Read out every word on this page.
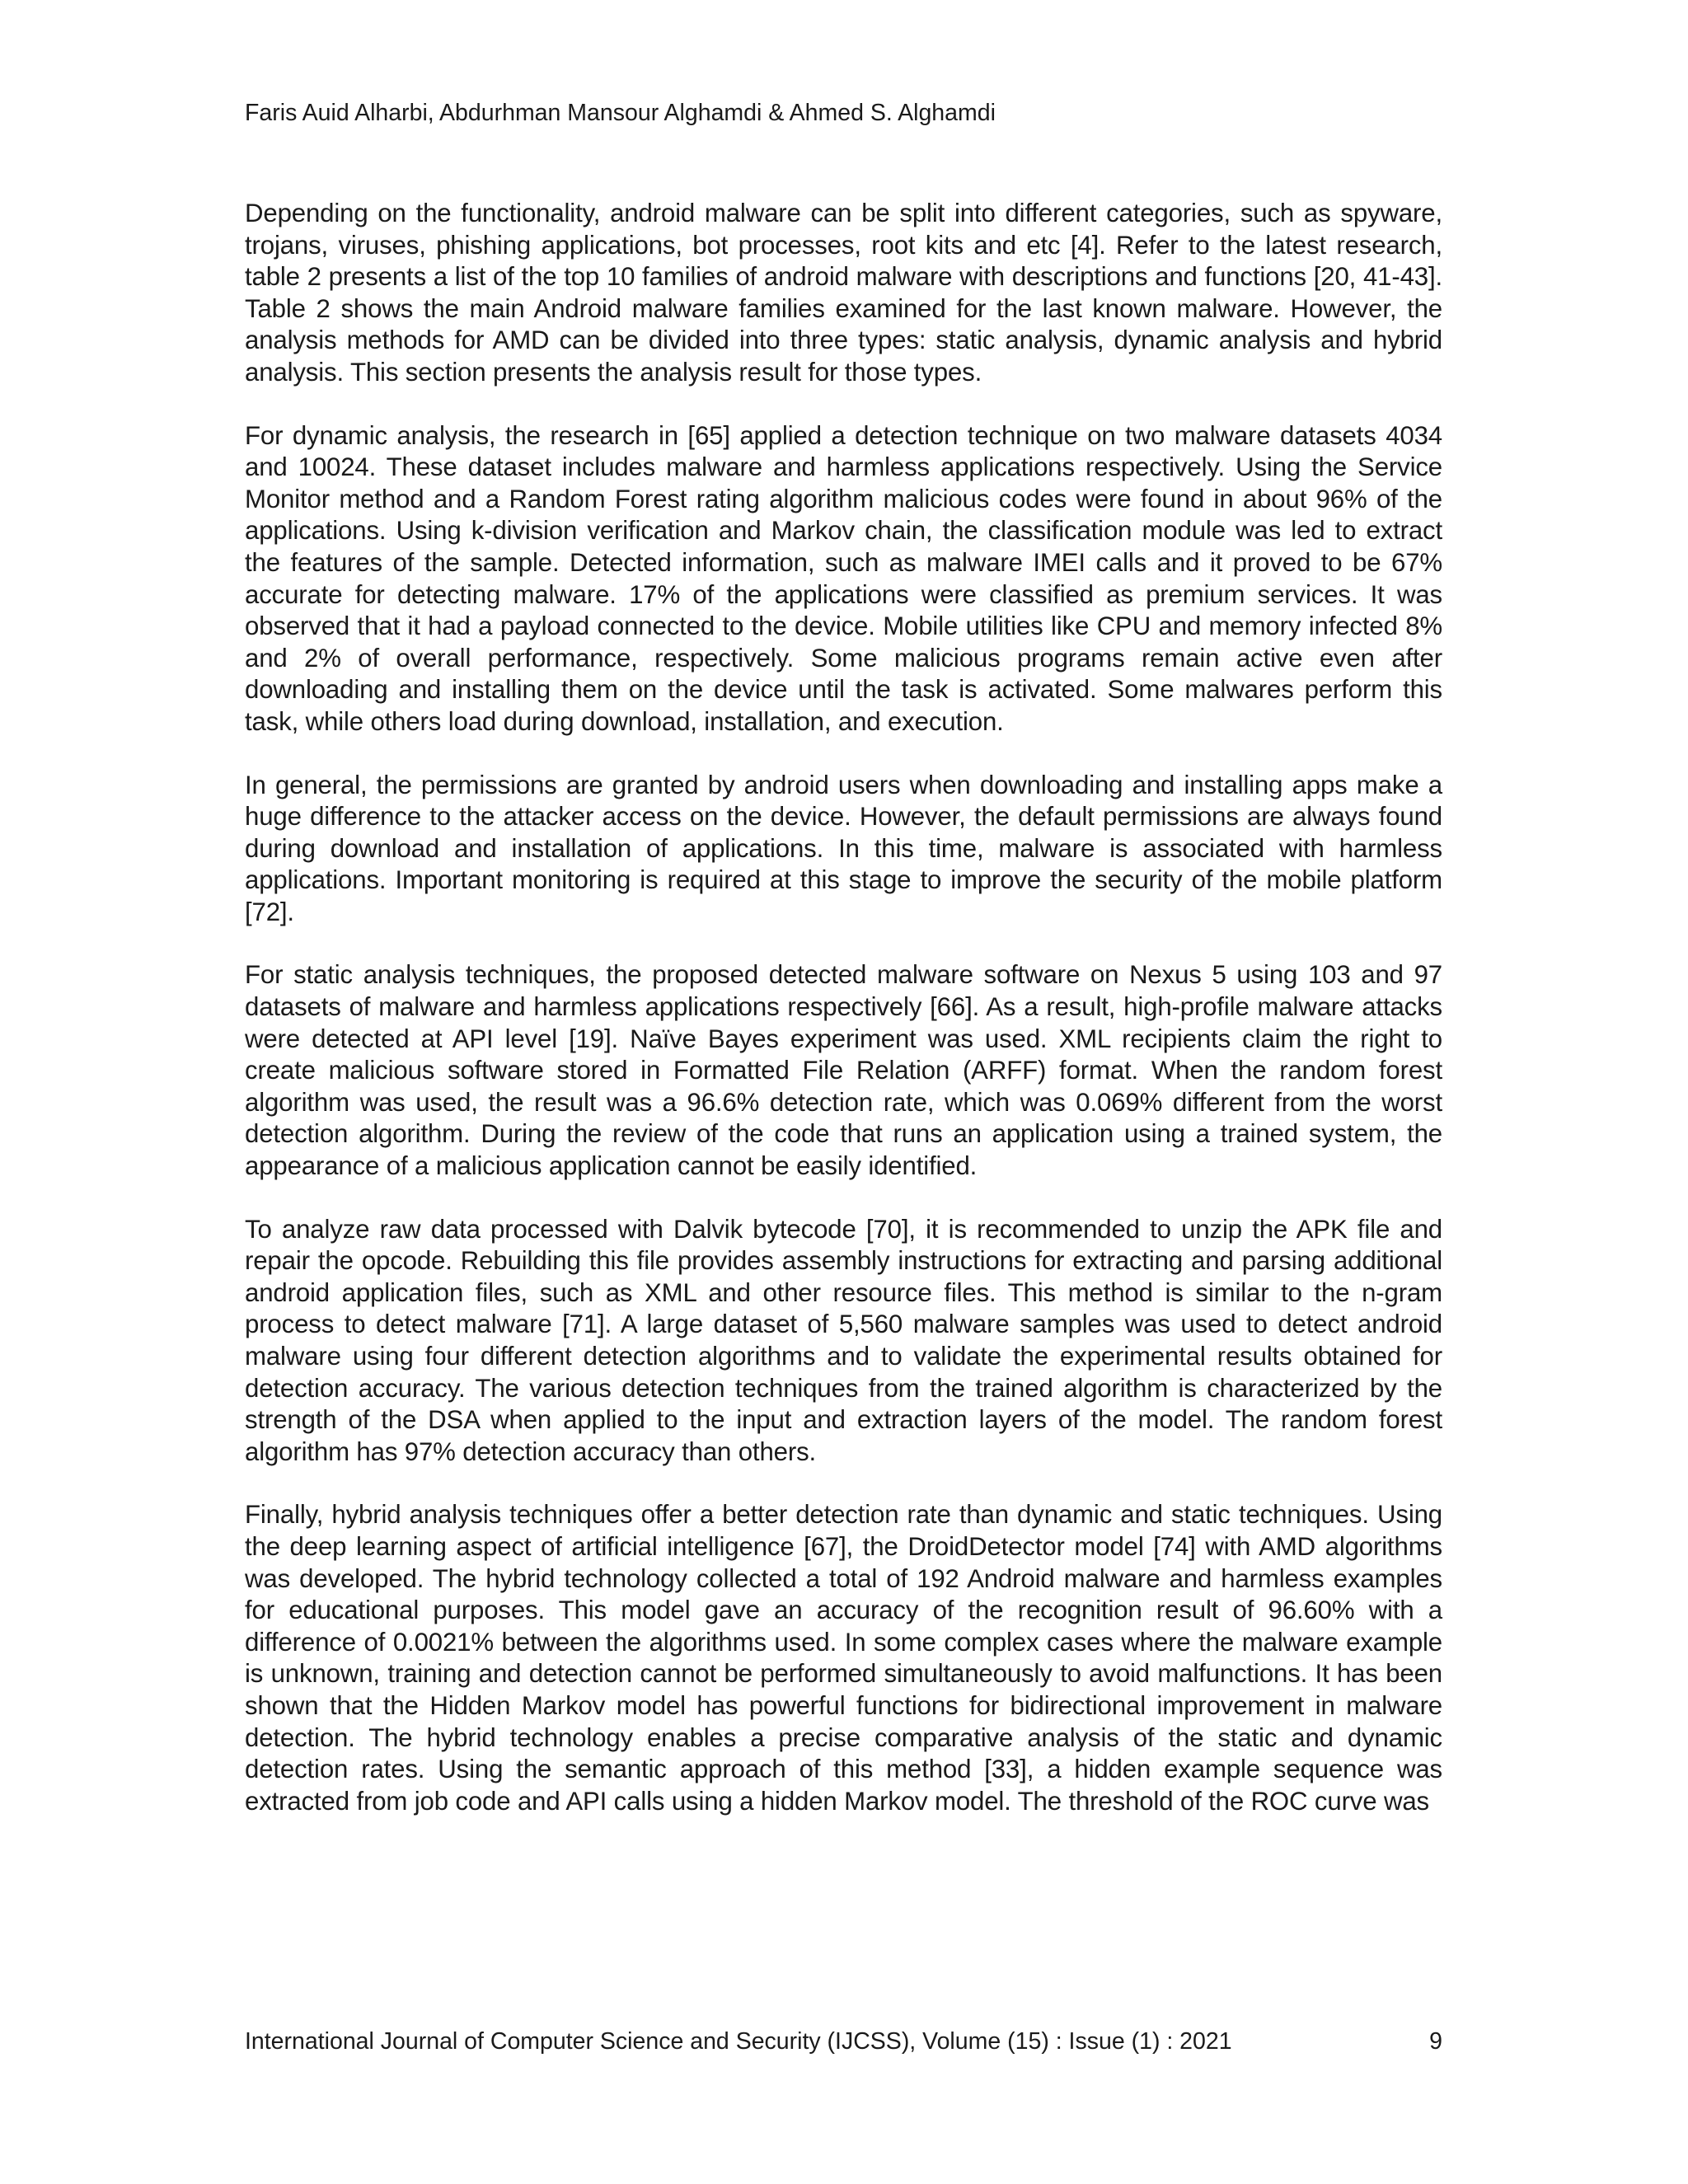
Faris Auid Alharbi, Abdurhman Mansour Alghamdi & Ahmed S. Alghamdi

Depending on the functionality, android malware can be split into different categories, such as spyware, trojans, viruses, phishing applications, bot processes, root kits and etc [4]. Refer to the latest research, table 2 presents a list of the top 10 families of android malware with descriptions and functions [20, 41-43]. Table 2 shows the main Android malware families examined for the last known malware. However, the analysis methods for AMD can be divided into three types: static analysis, dynamic analysis and hybrid analysis. This section presents the analysis result for those types.

For dynamic analysis, the research in [65] applied a detection technique on two malware datasets 4034 and 10024. These dataset includes malware and harmless applications respectively. Using the Service Monitor method and a Random Forest rating algorithm malicious codes were found in about 96% of the applications. Using k-division verification and Markov chain, the classification module was led to extract the features of the sample. Detected information, such as malware IMEI calls and it proved to be 67% accurate for detecting malware. 17% of the applications were classified as premium services. It was observed that it had a payload connected to the device. Mobile utilities like CPU and memory infected 8% and 2% of overall performance, respectively. Some malicious programs remain active even after downloading and installing them on the device until the task is activated. Some malwares perform this task, while others load during download, installation, and execution.

In general, the permissions are granted by android users when downloading and installing apps make a huge difference to the attacker access on the device. However, the default permissions are always found during download and installation of applications. In this time, malware is associated with harmless applications. Important monitoring is required at this stage to improve the security of the mobile platform [72].

For static analysis techniques, the proposed detected malware software on Nexus 5 using 103 and 97 datasets of malware and harmless applications respectively [66]. As a result, high-profile malware attacks were detected at API level [19]. Naïve Bayes experiment was used. XML recipients claim the right to create malicious software stored in Formatted File Relation (ARFF) format. When the random forest algorithm was used, the result was a 96.6% detection rate, which was 0.069% different from the worst detection algorithm. During the review of the code that runs an application using a trained system, the appearance of a malicious application cannot be easily identified.

To analyze raw data processed with Dalvik bytecode [70], it is recommended to unzip the APK file and repair the opcode. Rebuilding this file provides assembly instructions for extracting and parsing additional android application files, such as XML and other resource files. This method is similar to the n-gram process to detect malware [71]. A large dataset of 5,560 malware samples was used to detect android malware using four different detection algorithms and to validate the experimental results obtained for detection accuracy. The various detection techniques from the trained algorithm is characterized by the strength of the DSA when applied to the input and extraction layers of the model. The random forest algorithm has 97% detection accuracy than others.

Finally, hybrid analysis techniques offer a better detection rate than dynamic and static techniques. Using the deep learning aspect of artificial intelligence [67], the DroidDetector model [74] with AMD algorithms was developed. The hybrid technology collected a total of 192 Android malware and harmless examples for educational purposes. This model gave an accuracy of the recognition result of 96.60% with a difference of 0.0021% between the algorithms used. In some complex cases where the malware example is unknown, training and detection cannot be performed simultaneously to avoid malfunctions. It has been shown that the Hidden Markov model has powerful functions for bidirectional improvement in malware detection. The hybrid technology enables a precise comparative analysis of the static and dynamic detection rates. Using the semantic approach of this method [33], a hidden example sequence was extracted from job code and API calls using a hidden Markov model. The threshold of the ROC curve was

International Journal of Computer Science and Security (IJCSS), Volume (15) : Issue (1) : 2021	9
